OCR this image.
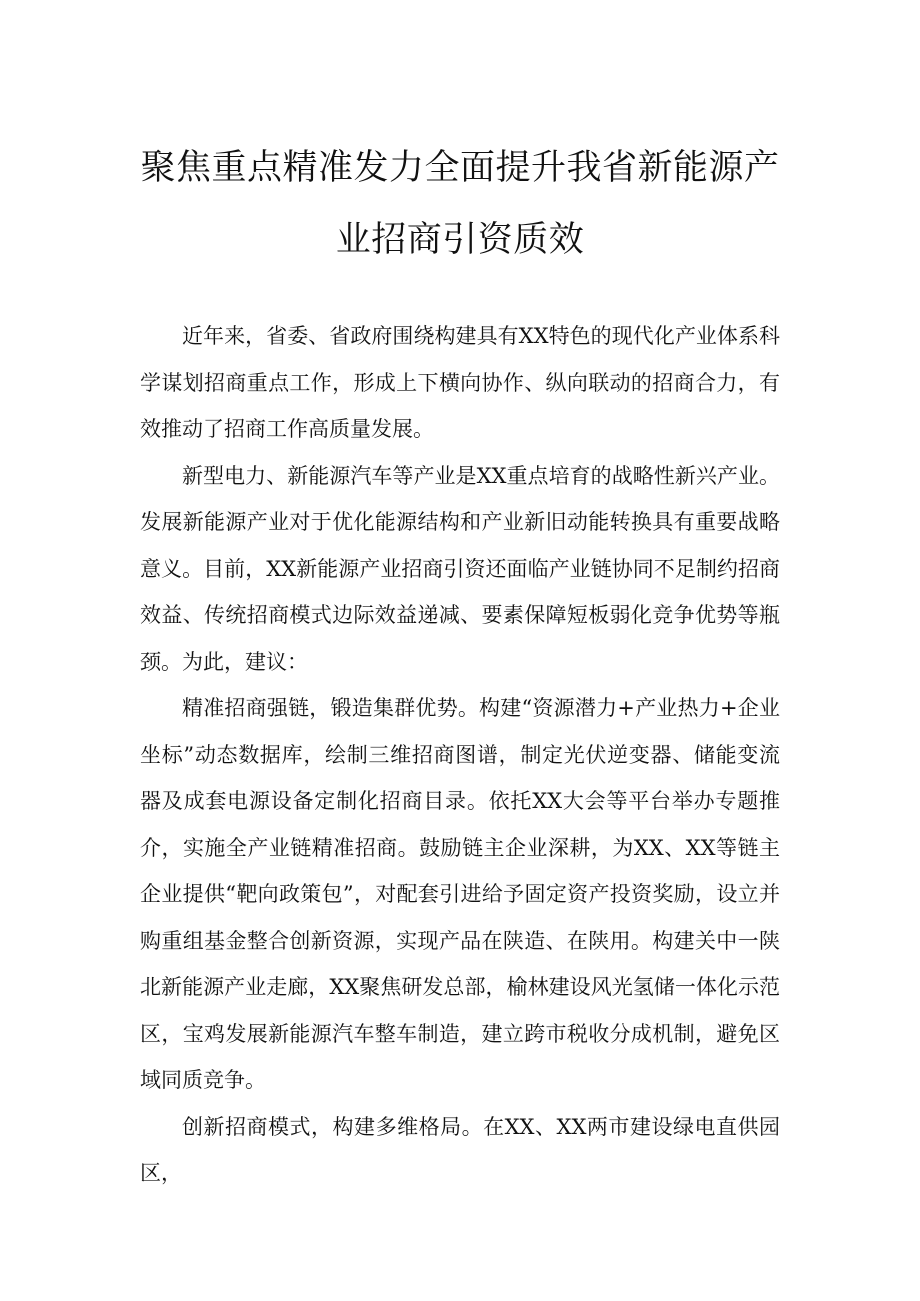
聚焦重点精准发力全面提升我省新能源产
业招商引资质效

近年来，省委、省政府围绕构建具有XX特色的现代化产业体系科学谋划招商重点工作，形成上下横向协作、纵向联动的招商合力，有效推动了招商工作高质量发展。

新型电力、新能源汽车等产业是XX重点培育的战略性新兴产业。发展新能源产业对于优化能源结构和产业新旧动能转换具有重要战略意义。目前，XX新能源产业招商引资还面临产业链协同不足制约招商效益、传统招商模式边际效益递减、要素保障短板弱化竞争优势等瓶颈。为此，建议：

精准招商强链，锻造集群优势。构建“资源潜力+产业热力+企业坐标”动态数据库，绘制三维招商图谱，制定光伏逆变器、储能变流器及成套电源设备定制化招商目录。依托XX大会等平台举办专题推介，实施全产业链精准招商。鼓励链主企业深耕，为XX、XX等链主企业提供“靶向政策包”，对配套引进给予固定资产投资奖励，设立并购重组基金整合创新资源，实现产品在陕造、在陕用。构建关中一陕北新能源产业走廊，XX聚焦研发总部，榆林建设风光氢储一体化示范区，宝鸡发展新能源汽车整车制造，建立跨市税收分成机制，避免区域同质竞争。

创新招商模式，构建多维格局。在XX、XX两市建设绿电直供园区，
